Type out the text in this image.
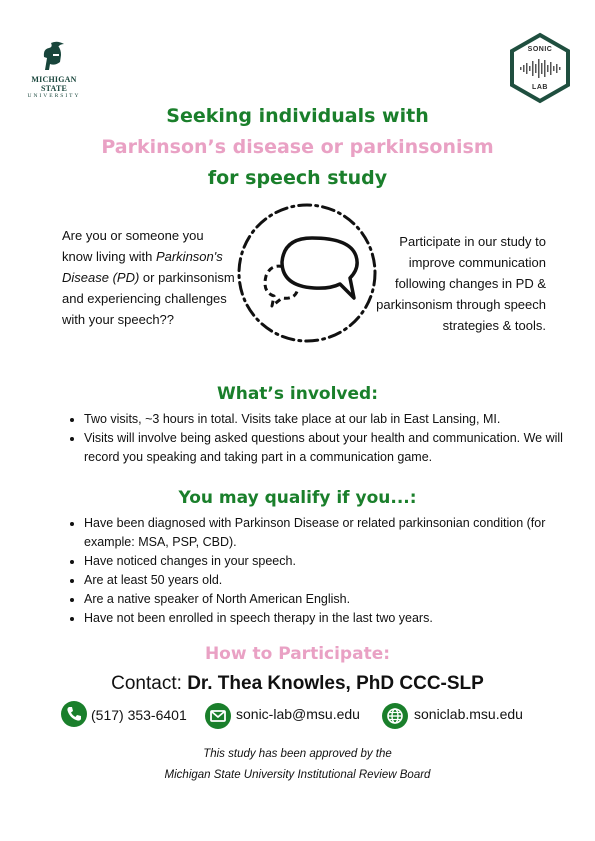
MICHIGAN STATE
UNIVERSITY
SONIC
LAB
Seeking individuals with
Parkinson’s disease or parkinsonism
for speech study
Are you or someone you know living with Parkinson's Disease (PD) or parkinsonism and experiencing challenges with your speech??
Participate in our study to improve communication following changes in PD & parkinsonism through speech strategies & tools.
What’s involved:
• Two visits, ~3 hours in total. Visits take place at our lab in East Lansing, MI.
• Visits will involve being asked questions about your health and communication. We will record you speaking and taking part in a communication game.
You may qualify if you...:
• Have been diagnosed with Parkinson Disease or related parkinsonian condition (for example: MSA, PSP, CBD).
• Have noticed changes in your speech.
• Are at least 50 years old.
• Are a native speaker of North American English.
• Have not been enrolled in speech therapy in the last two years.
How to Participate:
Contact: Dr. Thea Knowles, PhD CCC-SLP
(517) 353-6401	sonic-lab@msu.edu	soniclab.msu.edu
This study has been approved by the
Michigan State University Institutional Review Board
